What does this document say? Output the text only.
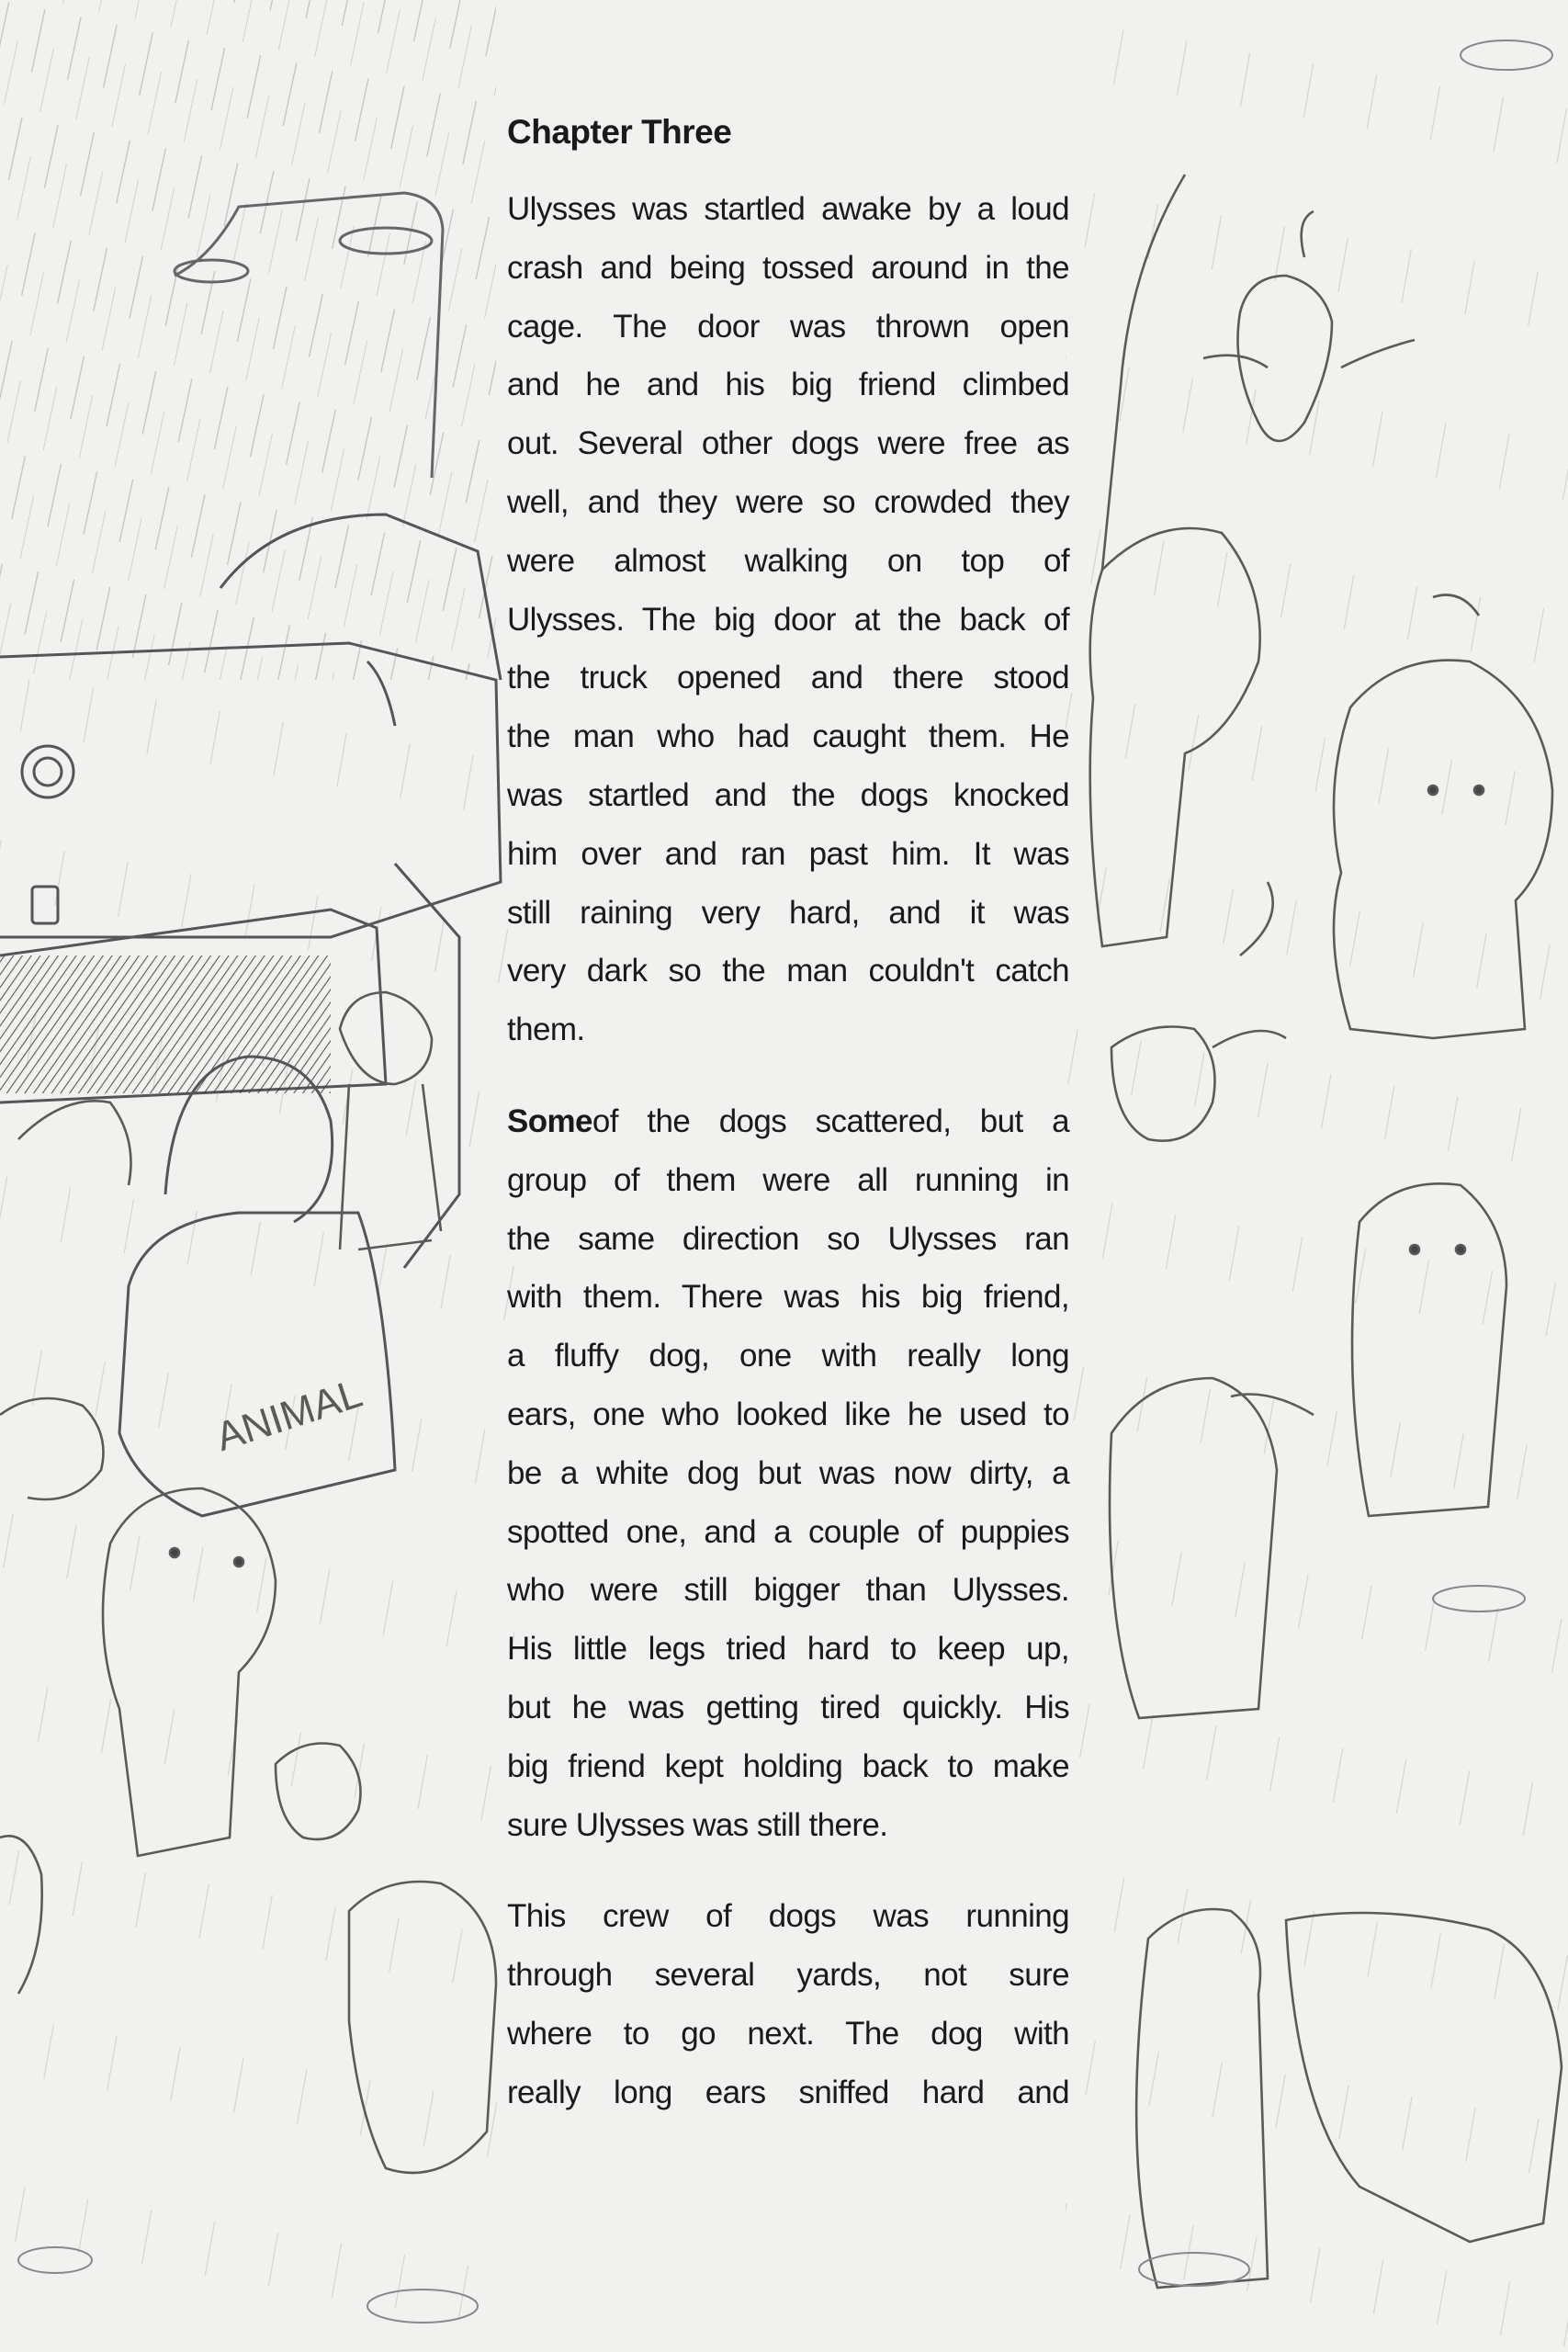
ANIMAL
Chapter Three
Ulysses was startled awake by a loud
crash and being tossed around in the
cage. The door was thrown open
and he and his big friend climbed
out. Several other dogs were free as
well, and they were so crowded they
were almost walking on top of
Ulysses. The big door at the back of
the truck opened and there stood
the man who had caught them. He
was startled and the dogs knocked
him over and ran past him. It was
still raining very hard, and it was
very dark so the man couldn't catch
them.
Someof the dogs scattered, but a
group of them were all running in
the same direction so Ulysses ran
with them. There was his big friend,
a fluffy dog, one with really long
ears, one who looked like he used to
be a white dog but was now dirty, a
spotted one, and a couple of puppies
who were still bigger than Ulysses.
His little legs tried hard to keep up,
but he was getting tired quickly. His
big friend kept holding back to make
sure Ulysses was still there.
This crew of dogs was running
through several yards, not sure
where to go next. The dog with
really long ears sniffed hard and
